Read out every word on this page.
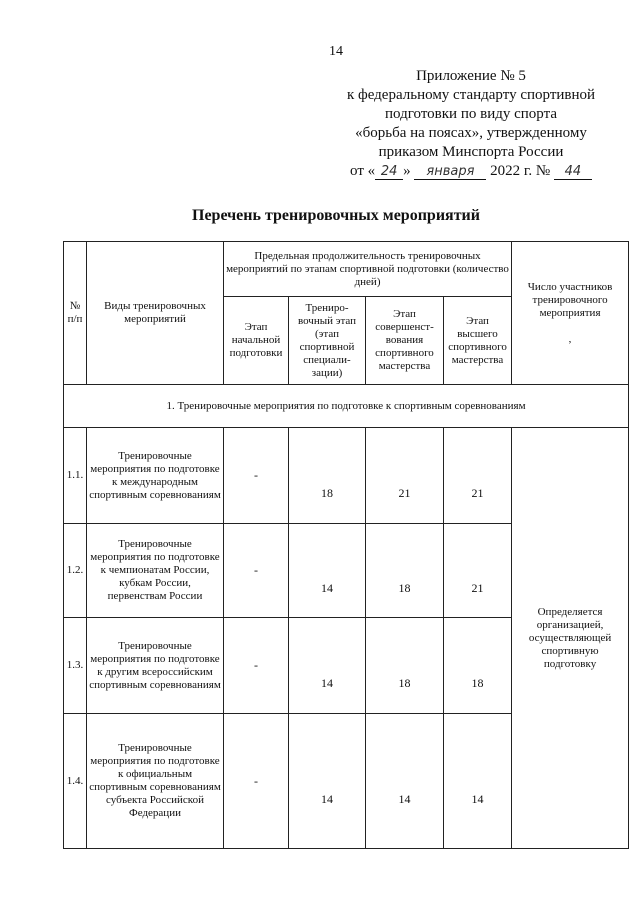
14
Приложение № 5
к федеральному стандарту спортивной
подготовки по виду спорта
«борьба на поясах», утвержденному
приказом Минспорта России
от « 24 » января 2022 г. № 44
Перечень тренировочных мероприятий
№ п/п	Виды тренировочных мероприятий	Предельная продолжительность тренировочных мероприятий по этапам спортивной подготовки (количество дней)				Число участников тренировочного мероприятия

,
		Этап начальной подготовки	Трениро-вочный этап (этап спортивной специали-зации)	Этап совершенст-вования спортивного мастерства	Этап высшего спортивного мастерства	
1. Тренировочные мероприятия по подготовке к спортивным соревнованиям						
1.1.	Тренировочные мероприятия по подготовке к международным спортивным соревнованиям	-	18	21	21	Определяется организацией, осуществляющей спортивную подготовку
1.2.	Тренировочные мероприятия по подготовке к чемпионатам России, кубкам России, первенствам России	-	14	18	21	
1.3.	Тренировочные мероприятия по подготовке к другим всероссийским спортивным соревнованиям	-	14	18	18	
1.4.	Тренировочные мероприятия по подготовке к официальным спортивным соревнованиям субъекта Российской Федерации	-	14	14	14	
